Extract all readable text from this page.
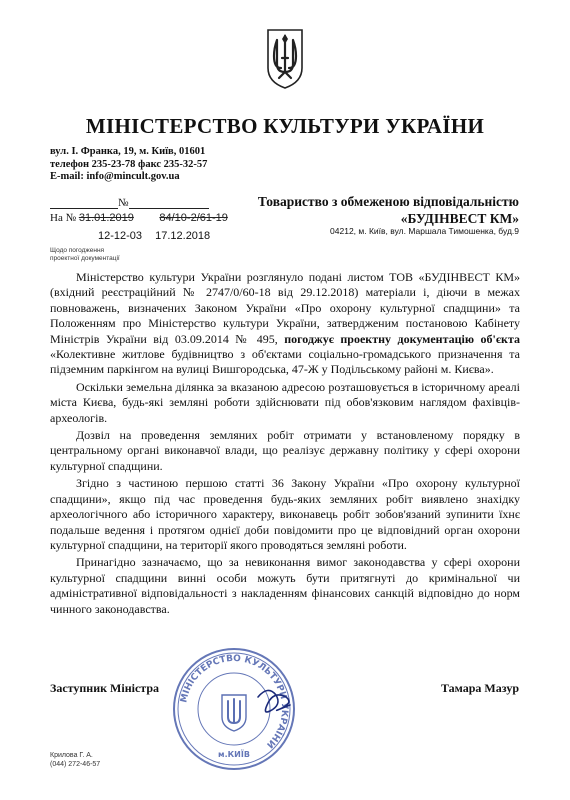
МІНІСТЕРСТВО КУЛЬТУРИ УКРАЇНИ
вул. І. Франка, 19, м. Київ, 01601
телефон 235-23-78 факс 235-32-57
E-mail: info@mincult.gov.ua
№
На № 31.01.2019 84/10-2/61-19
12-12-03 17.12.2018
Щодо погодження
проектної документації
Товариство з обмеженою відповідальністю
«БУДІНВЕСТ КМ»
04212, м. Київ, вул. Маршала Тимошенка, буд.9

Міністерство культури України розглянуло подані листом ТОВ «БУДІНВЕСТ КМ» (вхідний реєстраційний № 2747/0/60-18 від 29.12.2018) матеріали і, діючи в межах повноважень, визначених Законом України «Про охорону культурної спадщини» та Положенням про Міністерство культури України, затвердженим постановою Кабінету Міністрів України від 03.09.2014 № 495, погоджує проектну документацію об'єкта «Колективне житлове будівництво з об'єктами соціально-громадського призначення та підземним паркінгом на вулиці Вишгородська, 47-Ж у Подільському районі м. Києва».

Оскільки земельна ділянка за вказаною адресою розташовується в історичному ареалі міста Києва, будь-які земляні роботи здійснювати під обов'язковим наглядом фахівців-археологів.

Дозвіл на проведення земляних робіт отримати у встановленому порядку в центральному органі виконавчої влади, що реалізує державну політику у сфері охорони культурної спадщини.

Згідно з частиною першою статті 36 Закону України «Про охорону культурної спадщини», якщо під час проведення будь-яких земляних робіт виявлено знахідку археологічного або історичного характеру, виконавець робіт зобов'язаний зупинити їхнє подальше ведення і протягом однієї доби повідомити про це відповідний орган охорони культурної спадщини, на території якого проводяться земляні роботи.

Принагідно зазначаємо, що за невиконання вимог законодавства у сфері охорони культурної спадщини винні особи можуть бути притягнуті до кримінальної чи адміністративної відповідальності з накладенням фінансових санкцій відповідно до норм чинного законодавства.

МІНІСТЕРСТВО КУЛЬТУРИ УКРАЇНИ
м.КИЇВ
Заступник Міністра	Тамара Мазур
Крилова Г. А.
(044) 272-46-57
